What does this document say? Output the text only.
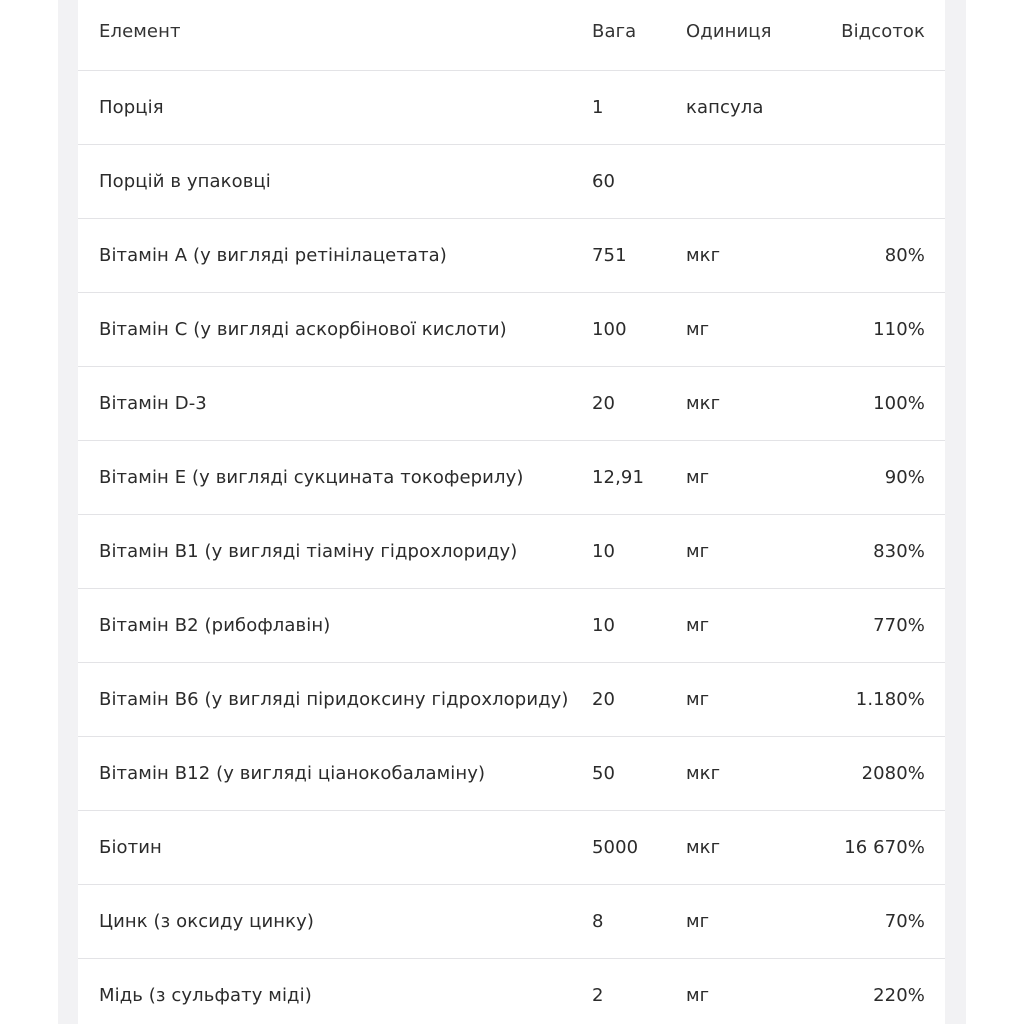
Елемент	Вага	Одиниця	Відсоток
Порція	1	капсула	
Порцій в упаковці	60		
Вітамін A (у вигляді ретінілацетата)	751	мкг	80%
Вітамін C (у вигляді аскорбінової кислоти)	100	мг	110%
Вітамін D-3	20	мкг	100%
Вітамін E (у вигляді сукцината токоферилу)	12,91	мг	90%
Вітамін B1 (у вигляді тіаміну гідрохлориду)	10	мг	830%
Вітамін B2 (рибофлавін)	10	мг	770%
Вітамін B6 (у вигляді піридоксину гідрохлориду)	20	мг	1.180%
Вітамін B12 (у вигляді ціанокобаламіну)	50	мкг	2080%
Біотин	5000	мкг	16 670%
Цинк (з оксиду цинку)	8	мг	70%
Мідь (з сульфату міді)	2	мг	220%
